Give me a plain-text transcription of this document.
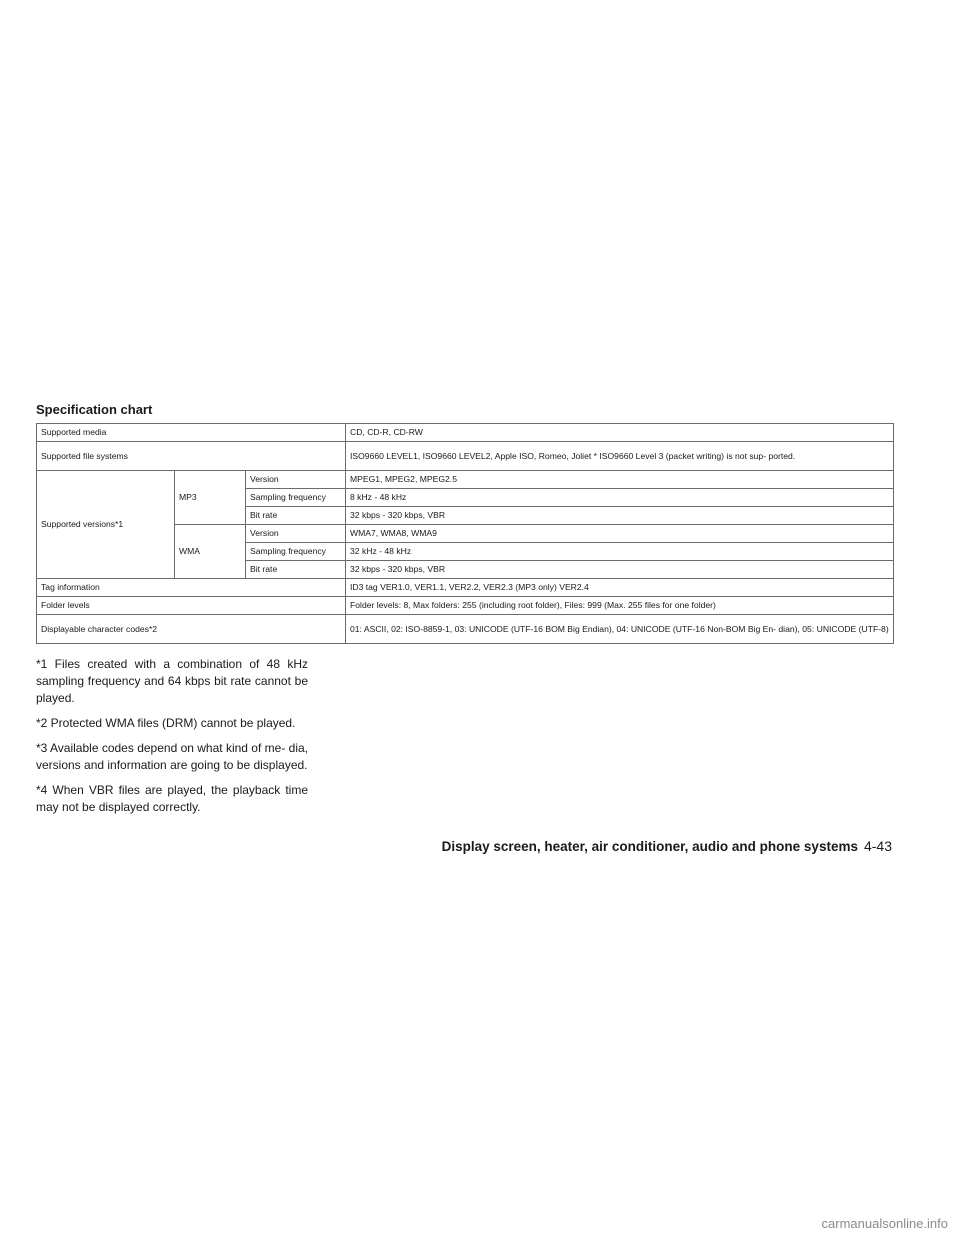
Specification chart
Supported media			CD, CD-R, CD-RW
Supported file systems			ISO9660 LEVEL1, ISO9660 LEVEL2, Apple ISO, Romeo, Joliet * ISO9660 Level 3 (packet writing) is not sup- ported.
Supported versions*1	MP3	Version	MPEG1, MPEG2, MPEG2.5
		Sampling frequency	8 kHz - 48 kHz
		Bit rate	32 kbps - 320 kbps, VBR
	WMA	Version	WMA7, WMA8, WMA9
		Sampling frequency	32 kHz - 48 kHz
		Bit rate	32 kbps - 320 kbps, VBR
Tag information			ID3 tag VER1.0, VER1.1, VER2.2, VER2.3 (MP3 only) VER2.4
Folder levels			Folder levels: 8, Max folders: 255 (including root folder), Files: 999 (Max. 255 files for one folder)
Displayable character codes*2			01: ASCII, 02: ISO-8859-1, 03: UNICODE (UTF-16 BOM Big Endian), 04: UNICODE (UTF-16 Non-BOM Big En- dian), 05: UNICODE (UTF-8)

*1 Files created with a combination of 48 kHz sampling frequency and 64 kbps bit rate cannot be played.

*2 Protected WMA files (DRM) cannot be played.

*3 Available codes depend on what kind of me- dia, versions and information are going to be displayed.

*4 When VBR files are played, the playback time may not be displayed correctly.

Display screen, heater, air conditioner, audio and phone systems 4-43
carmanualsonline.info
